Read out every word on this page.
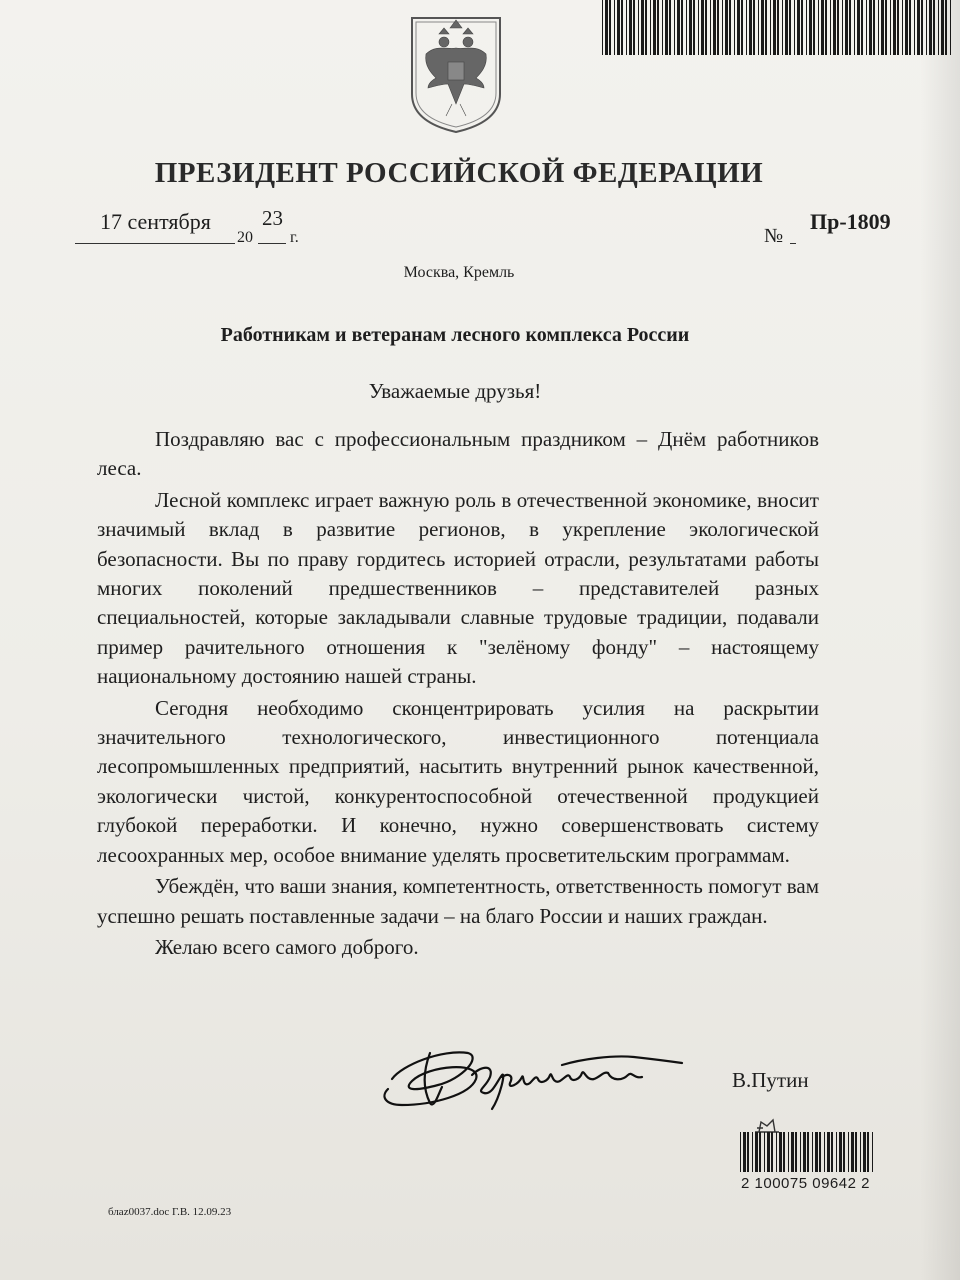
ПРЕЗИДЕНТ РОССИЙСКОЙ ФЕДЕРАЦИИ
17 сентября
20
23
г.	№
Пр-1809
Москва, Кремль
Работникам и ветеранам лесного комплекса России
Уважаемые друзья!

Поздравляю вас с профессиональным праздником – Днём работников леса.

Лесной комплекс играет важную роль в отечественной экономике, вносит значимый вклад в развитие регионов, в укрепление экологической безопасности. Вы по праву гордитесь историей отрасли, результатами работы многих поколений предшественников – представителей разных специальностей, которые закладывали славные трудовые традиции, подавали пример рачительного отношения к "зелёному фонду" – настоящему национальному достоянию нашей страны.

Сегодня необходимо сконцентрировать усилия на раскрытии значительного технологического, инвестиционного потенциала лесопромышленных предприятий, насытить внутренний рынок качественной, экологически чистой, конкурентоспособной отечественной продукцией глубокой переработки. И конечно, нужно совершенствовать систему лесоохранных мер, особое внимание уделять просветительским программам.

Убеждён, что ваши знания, компетентность, ответственность помогут вам успешно решать поставленные задачи – на благо России и наших граждан.

Желаю всего самого доброго.

В.Путин
2 100075 09642 2
блаz0037.doc Г.В. 12.09.23
